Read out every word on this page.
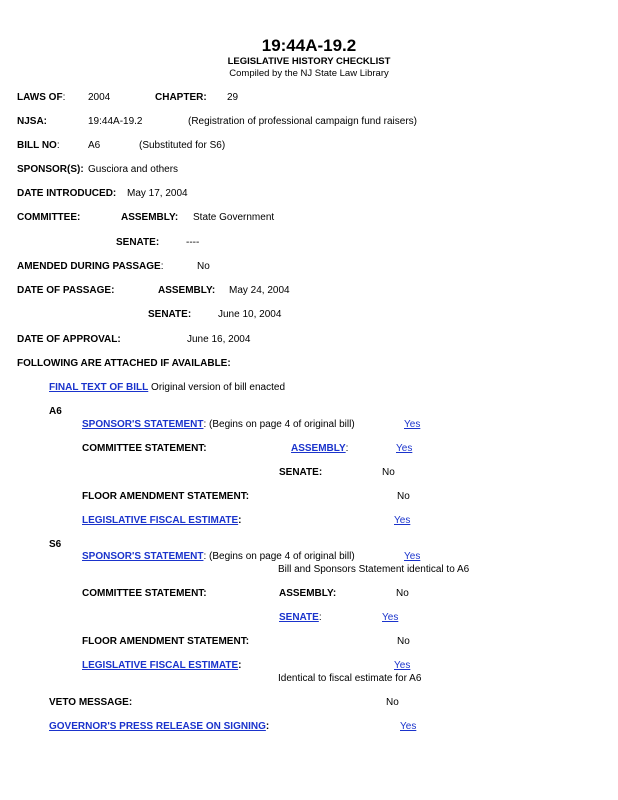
19:44A-19.2
LEGISLATIVE HISTORY CHECKLIST
Compiled by the NJ State Law Library
LAWS OF: 2004	CHAPTER: 29
NJSA:	19:44A-19.2	(Registration of professional campaign fund raisers)
BILL NO:	A6	(Substituted for S6)
SPONSOR(S): Gusciora and others
DATE INTRODUCED: May 17, 2004
COMMITTEE:	ASSEMBLY: State Government
SENATE:	----
AMENDED DURING PASSAGE:	No
DATE OF PASSAGE:	ASSEMBLY: May 24, 2004
SENATE:	June 10, 2004
DATE OF APPROVAL:	June 16, 2004
FOLLOWING ARE ATTACHED IF AVAILABLE:
FINAL TEXT OF BILL Original version of bill enacted
A6
SPONSOR'S STATEMENT: (Begins on page 4 of original bill)	Yes
COMMITTEE STATEMENT:	ASSEMBLY:	Yes
SENATE:	No
FLOOR AMENDMENT STATEMENT:	No
LEGISLATIVE FISCAL ESTIMATE:	Yes
S6
SPONSOR'S STATEMENT: (Begins on page 4 of original bill)	Yes
Bill and Sponsors Statement identical to A6
COMMITTEE STATEMENT:	ASSEMBLY:	No
SENATE:	Yes
FLOOR AMENDMENT STATEMENT:	No
LEGISLATIVE FISCAL ESTIMATE:	Yes
Identical to fiscal estimate for A6
VETO MESSAGE:	No
GOVERNOR'S PRESS RELEASE ON SIGNING:	Yes
